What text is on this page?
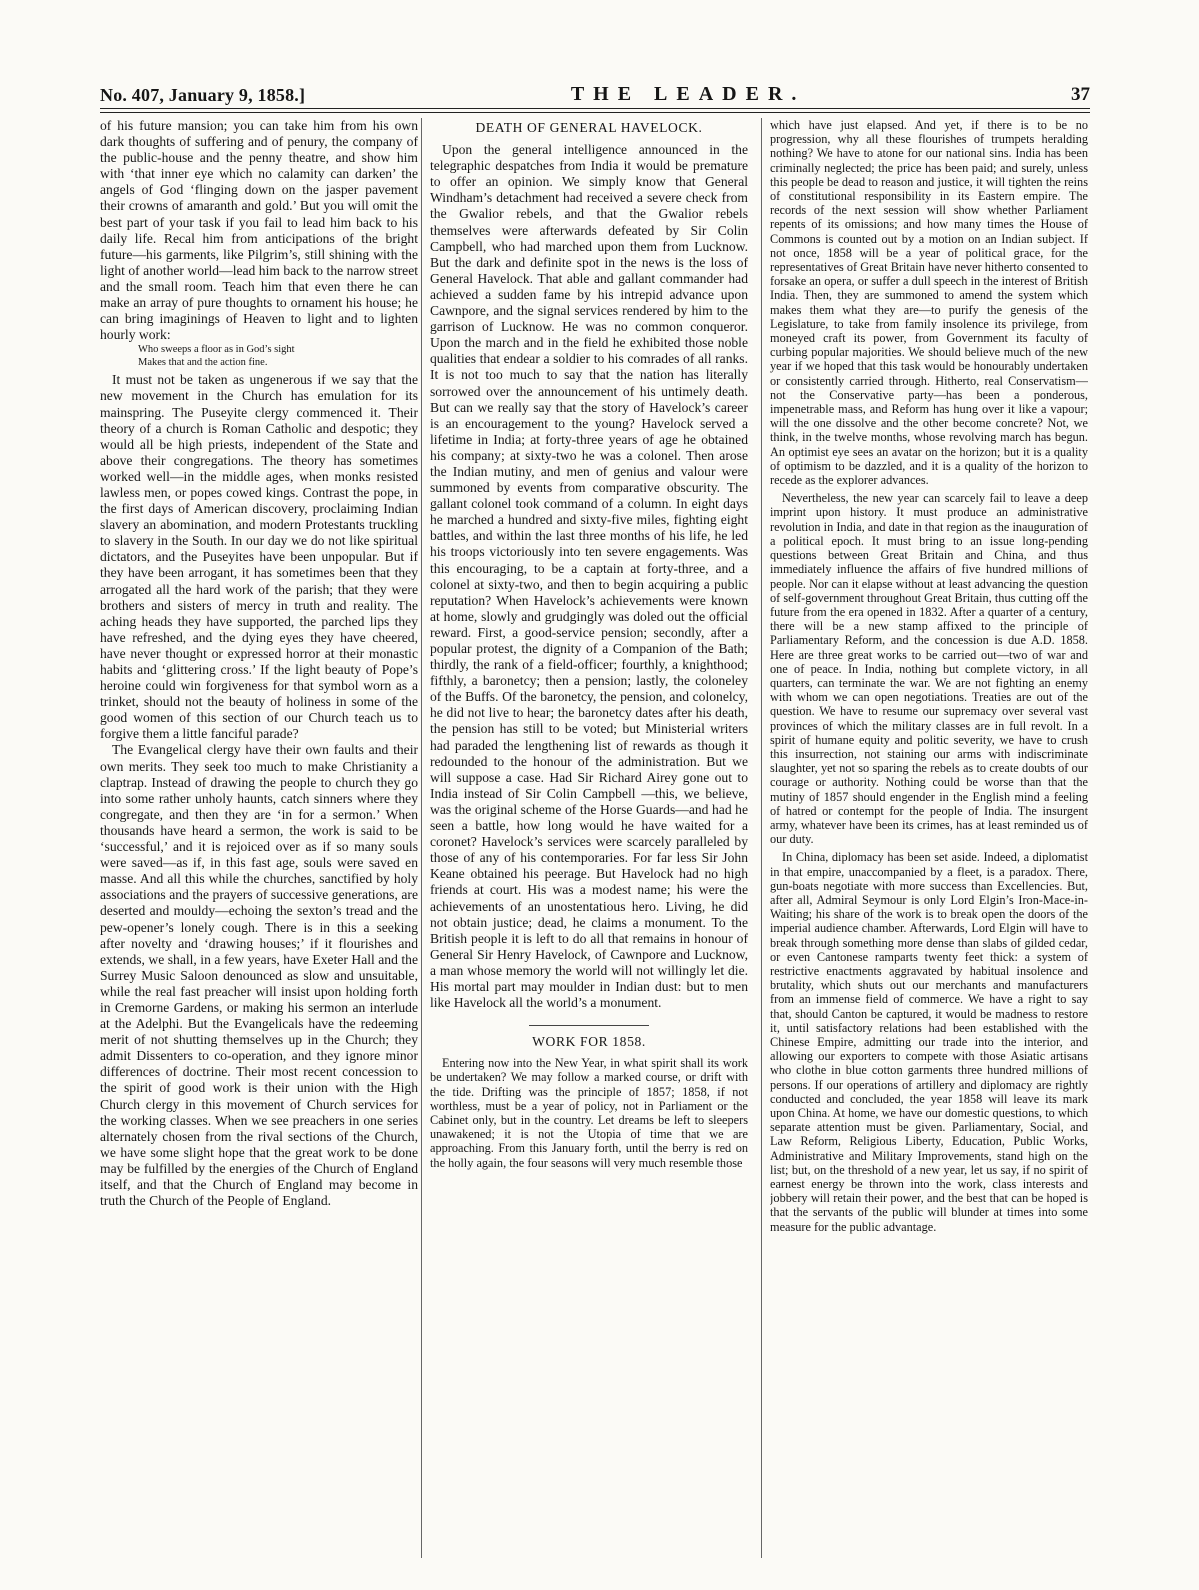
No. 407, January 9, 1858.]	THE LEADER.	37

of his future mansion; you can take him from his own dark thoughts of suffering and of penury, the company of the public-house and the penny theatre, and show him with ‘that inner eye which no calamity can darken’ the angels of God ‘flinging down on the jasper pavement their crowns of amaranth and gold.’ But you will omit the best part of your task if you fail to lead him back to his daily life. Recal him from anticipations of the bright future—his garments, like Pilgrim’s, still shining with the light of another world—lead him back to the narrow street and the small room. Teach him that even there he can make an array of pure thoughts to ornament his house; he can bring imaginings of Heaven to light and to lighten hourly work:

Who sweeps a floor as in God’s sight
Makes that and the action fine.

It must not be taken as ungenerous if we say that the new movement in the Church has emulation for its mainspring. The Puseyite clergy commenced it. Their theory of a church is Roman Catholic and despotic; they would all be high priests, independent of the State and above their congregations. The theory has sometimes worked well—in the middle ages, when monks resisted lawless men, or popes cowed kings. Contrast the pope, in the first days of American discovery, proclaiming Indian slavery an abomination, and modern Protestants truckling to slavery in the South. In our day we do not like spiritual dictators, and the Puseyites have been unpopular. But if they have been arrogant, it has sometimes been that they arrogated all the hard work of the parish; that they were brothers and sisters of mercy in truth and reality. The aching heads they have supported, the parched lips they have refreshed, and the dying eyes they have cheered, have never thought or expressed horror at their monastic habits and ‘glittering cross.’ If the light beauty of Pope’s heroine could win forgiveness for that symbol worn as a trinket, should not the beauty of holiness in some of the good women of this section of our Church teach us to forgive them a little fanciful parade?

The Evangelical clergy have their own faults and their own merits. They seek too much to make Christianity a claptrap. Instead of drawing the people to church they go into some rather unholy haunts, catch sinners where they congregate, and then they are ‘in for a sermon.’ When thousands have heard a sermon, the work is said to be ‘successful,’ and it is rejoiced over as if so many souls were saved—as if, in this fast age, souls were saved en masse. And all this while the churches, sanctified by holy associations and the prayers of successive generations, are deserted and mouldy—echoing the sexton’s tread and the pew-opener’s lonely cough. There is in this a seeking after novelty and ‘drawing houses;’ if it flourishes and extends, we shall, in a few years, have Exeter Hall and the Surrey Music Saloon denounced as slow and unsuitable, while the real fast preacher will insist upon holding forth in Cremorne Gardens, or making his sermon an interlude at the Adelphi. But the Evangelicals have the redeeming merit of not shutting themselves up in the Church; they admit Dissenters to co-operation, and they ignore minor differences of doctrine. Their most recent concession to the spirit of good work is their union with the High Church clergy in this movement of Church services for the working classes. When we see preachers in one series alternately chosen from the rival sections of the Church, we have some slight hope that the great work to be done may be fulfilled by the energies of the Church of England itself, and that the Church of England may become in truth the Church of the People of England.

DEATH OF GENERAL HAVELOCK.

Upon the general intelligence announced in the telegraphic despatches from India it would be premature to offer an opinion. We simply know that General Windham’s detachment had received a severe check from the Gwalior rebels, and that the Gwalior rebels themselves were afterwards defeated by Sir Colin Campbell, who had marched upon them from Lucknow. But the dark and definite spot in the news is the loss of General Havelock. That able and gallant commander had achieved a sudden fame by his intrepid advance upon Cawnpore, and the signal services rendered by him to the garrison of Lucknow. He was no common conqueror. Upon the march and in the field he exhibited those noble qualities that endear a soldier to his comrades of all ranks. It is not too much to say that the nation has literally sorrowed over the announcement of his untimely death. But can we really say that the story of Havelock’s career is an encouragement to the young? Havelock served a lifetime in India; at forty-three years of age he obtained his company; at sixty-two he was a colonel. Then arose the Indian mutiny, and men of genius and valour were summoned by events from comparative obscurity. The gallant colonel took command of a column. In eight days he marched a hundred and sixty-five miles, fighting eight battles, and within the last three months of his life, he led his troops victoriously into ten severe engagements. Was this encouraging, to be a captain at forty-three, and a colonel at sixty-two, and then to begin acquiring a public reputation? When Havelock’s achievements were known at home, slowly and grudgingly was doled out the official reward. First, a good-service pension; secondly, after a popular protest, the dignity of a Companion of the Bath; thirdly, the rank of a field-officer; fourthly, a knighthood; fifthly, a baronetcy; then a pension; lastly, the coloneley of the Buffs. Of the baronetcy, the pension, and colonelcy, he did not live to hear; the baronetcy dates after his death, the pension has still to be voted; but Ministerial writers had paraded the lengthening list of rewards as though it redounded to the honour of the administration. But we will suppose a case. Had Sir Richard Airey gone out to India instead of Sir Colin Campbell —this, we believe, was the original scheme of the Horse Guards—and had he seen a battle, how long would he have waited for a coronet? Havelock’s services were scarcely paralleled by those of any of his contemporaries. For far less Sir John Keane obtained his peerage. But Havelock had no high friends at court. His was a modest name; his were the achievements of an unostentatious hero. Living, he did not obtain justice; dead, he claims a monument. To the British people it is left to do all that remains in honour of General Sir Henry Havelock, of Cawnpore and Lucknow, a man whose memory the world will not willingly let die. His mortal part may moulder in Indian dust: but to men like Havelock all the world’s a monument.

WORK FOR 1858.

Entering now into the New Year, in what spirit shall its work be undertaken? We may follow a marked course, or drift with the tide. Drifting was the principle of 1857; 1858, if not worthless, must be a year of policy, not in Parliament or the Cabinet only, but in the country. Let dreams be left to sleepers unawakened; it is not the Utopia of time that we are approaching. From this January forth, until the berry is red on the holly again, the four seasons will very much resemble those

which have just elapsed. And yet, if there is to be no progression, why all these flourishes of trumpets heralding nothing? We have to atone for our national sins. India has been criminally neglected; the price has been paid; and surely, unless this people be dead to reason and justice, it will tighten the reins of constitutional responsibility in its Eastern empire. The records of the next session will show whether Parliament repents of its omissions; and how many times the House of Commons is counted out by a motion on an Indian subject. If not once, 1858 will be a year of political grace, for the representatives of Great Britain have never hitherto consented to forsake an opera, or suffer a dull speech in the interest of British India. Then, they are summoned to amend the system which makes them what they are—to purify the genesis of the Legislature, to take from family insolence its privilege, from moneyed craft its power, from Government its faculty of curbing popular majorities. We should believe much of the new year if we hoped that this task would be honourably undertaken or consistently carried through. Hitherto, real Conservatism—not the Conservative party—has been a ponderous, impenetrable mass, and Reform has hung over it like a vapour; will the one dissolve and the other become concrete? Not, we think, in the twelve months, whose revolving march has begun. An optimist eye sees an avatar on the horizon; but it is a quality of optimism to be dazzled, and it is a quality of the horizon to recede as the explorer advances.

Nevertheless, the new year can scarcely fail to leave a deep imprint upon history. It must produce an administrative revolution in India, and date in that region as the inauguration of a political epoch. It must bring to an issue long-pending questions between Great Britain and China, and thus immediately influence the affairs of five hundred millions of people. Nor can it elapse without at least advancing the question of self-government throughout Great Britain, thus cutting off the future from the era opened in 1832. After a quarter of a century, there will be a new stamp affixed to the principle of Parliamentary Reform, and the concession is due A.D. 1858. Here are three great works to be carried out—two of war and one of peace. In India, nothing but complete victory, in all quarters, can terminate the war. We are not fighting an enemy with whom we can open negotiations. Treaties are out of the question. We have to resume our supremacy over several vast provinces of which the military classes are in full revolt. In a spirit of humane equity and politic severity, we have to crush this insurrection, not staining our arms with indiscriminate slaughter, yet not so sparing the rebels as to create doubts of our courage or authority. Nothing could be worse than that the mutiny of 1857 should engender in the English mind a feeling of hatred or contempt for the people of India. The insurgent army, whatever have been its crimes, has at least reminded us of our duty.

In China, diplomacy has been set aside. Indeed, a diplomatist in that empire, unaccompanied by a fleet, is a paradox. There, gun-boats negotiate with more success than Excellencies. But, after all, Admiral Seymour is only Lord Elgin’s Iron-Mace-in-Waiting; his share of the work is to break open the doors of the imperial audience chamber. Afterwards, Lord Elgin will have to break through something more dense than slabs of gilded cedar, or even Cantonese ramparts twenty feet thick: a system of restrictive enactments aggravated by habitual insolence and brutality, which shuts out our merchants and manufacturers from an immense field of commerce. We have a right to say that, should Canton be captured, it would be madness to restore it, until satisfactory relations had been established with the Chinese Empire, admitting our trade into the interior, and allowing our exporters to compete with those Asiatic artisans who clothe in blue cotton garments three hundred millions of persons. If our operations of artillery and diplomacy are rightly conducted and concluded, the year 1858 will leave its mark upon China. At home, we have our domestic questions, to which separate attention must be given. Parliamentary, Social, and Law Reform, Religious Liberty, Education, Public Works, Administrative and Military Improvements, stand high on the list; but, on the threshold of a new year, let us say, if no spirit of earnest energy be thrown into the work, class interests and jobbery will retain their power, and the best that can be hoped is that the servants of the public will blunder at times into some measure for the public advantage.
